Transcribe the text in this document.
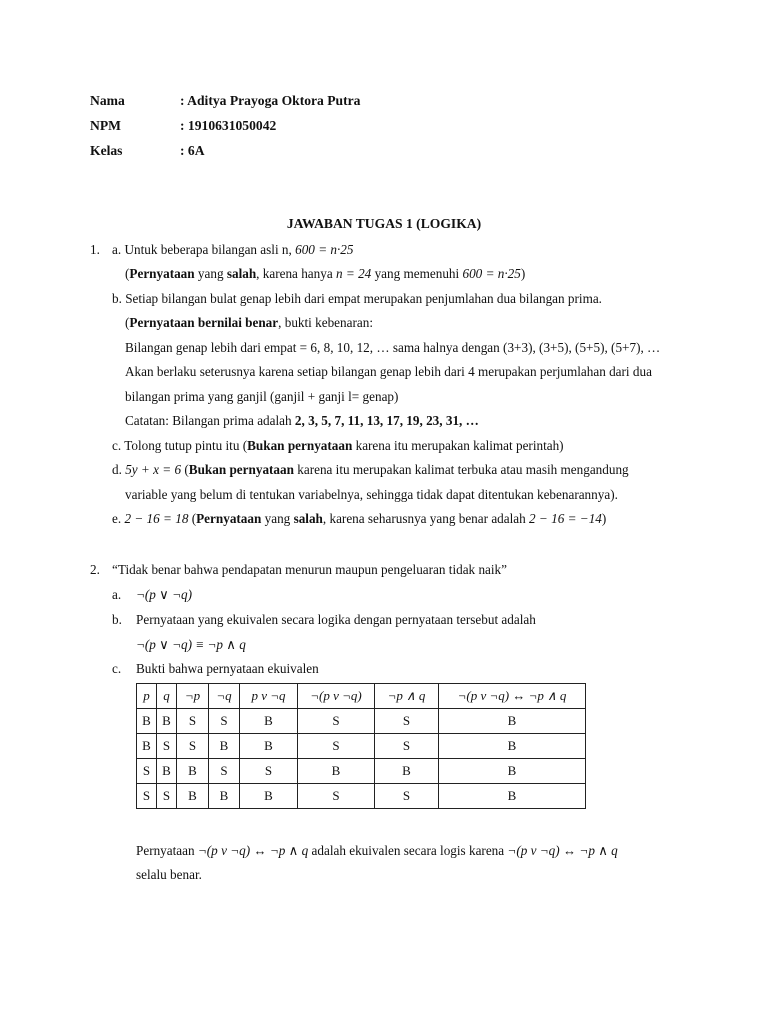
Nama	: Aditya Prayoga Oktora Putra
NPM	: 1910631050042
Kelas	: 6A
JAWABAN TUGAS 1 (LOGIKA)
1. a. Untuk beberapa bilangan asli n, 600 = n·25
(Pernyataan yang salah, karena hanya n = 24 yang memenuhi 600 = n·25)
b. Setiap bilangan bulat genap lebih dari empat merupakan penjumlahan dua bilangan prima.
(Pernyataan bernilai benar, bukti kebenaran:
Bilangan genap lebih dari empat = 6, 8, 10, 12, … sama halnya dengan (3+3), (3+5), (5+5), (5+7), …
Akan berlaku seterusnya karena setiap bilangan genap lebih dari 4 merupakan perjumlahan dari dua
bilangan prima yang ganjil (ganjil + ganji l= genap)
Catatan: Bilangan prima adalah 2, 3, 5, 7, 11, 13, 17, 19, 23, 31, …
c. Tolong tutup pintu itu (Bukan pernyataan karena itu merupakan kalimat perintah)
d. 5y + x = 6 (Bukan pernyataan karena itu merupakan kalimat terbuka atau masih mengandung
variable yang belum di tentukan variabelnya, sehingga tidak dapat ditentukan kebenarannya).
e. 2 − 16 = 18 (Pernyataan yang salah, karena seharusnya yang benar adalah 2 − 16 = −14)
2. “Tidak benar bahwa pendapatan menurun maupun pengeluaran tidak naik”
a. ¬(p ∨ ¬q)
b. Pernyataan yang ekuivalen secara logika dengan pernyataan tersebut adalah
¬(p ∨ ¬q) ≡ ¬p ∧ q
c. Bukti bahwa pernyataan ekuivalen
p	q	¬p	¬q	p v ¬q	¬(p v ¬q)	¬p ∧ q	¬(p v ¬q) ↔ ¬p ∧ q
B	B	S	S	B	S	S	B
B	S	S	B	B	S	S	B
S	B	B	S	S	B	B	B
S	S	B	B	B	S	S	B
Pernyataan ¬(p v ¬q) ↔ ¬p ∧ q adalah ekuivalen secara logis karena ¬(p v ¬q) ↔ ¬p ∧ q
selalu benar.
